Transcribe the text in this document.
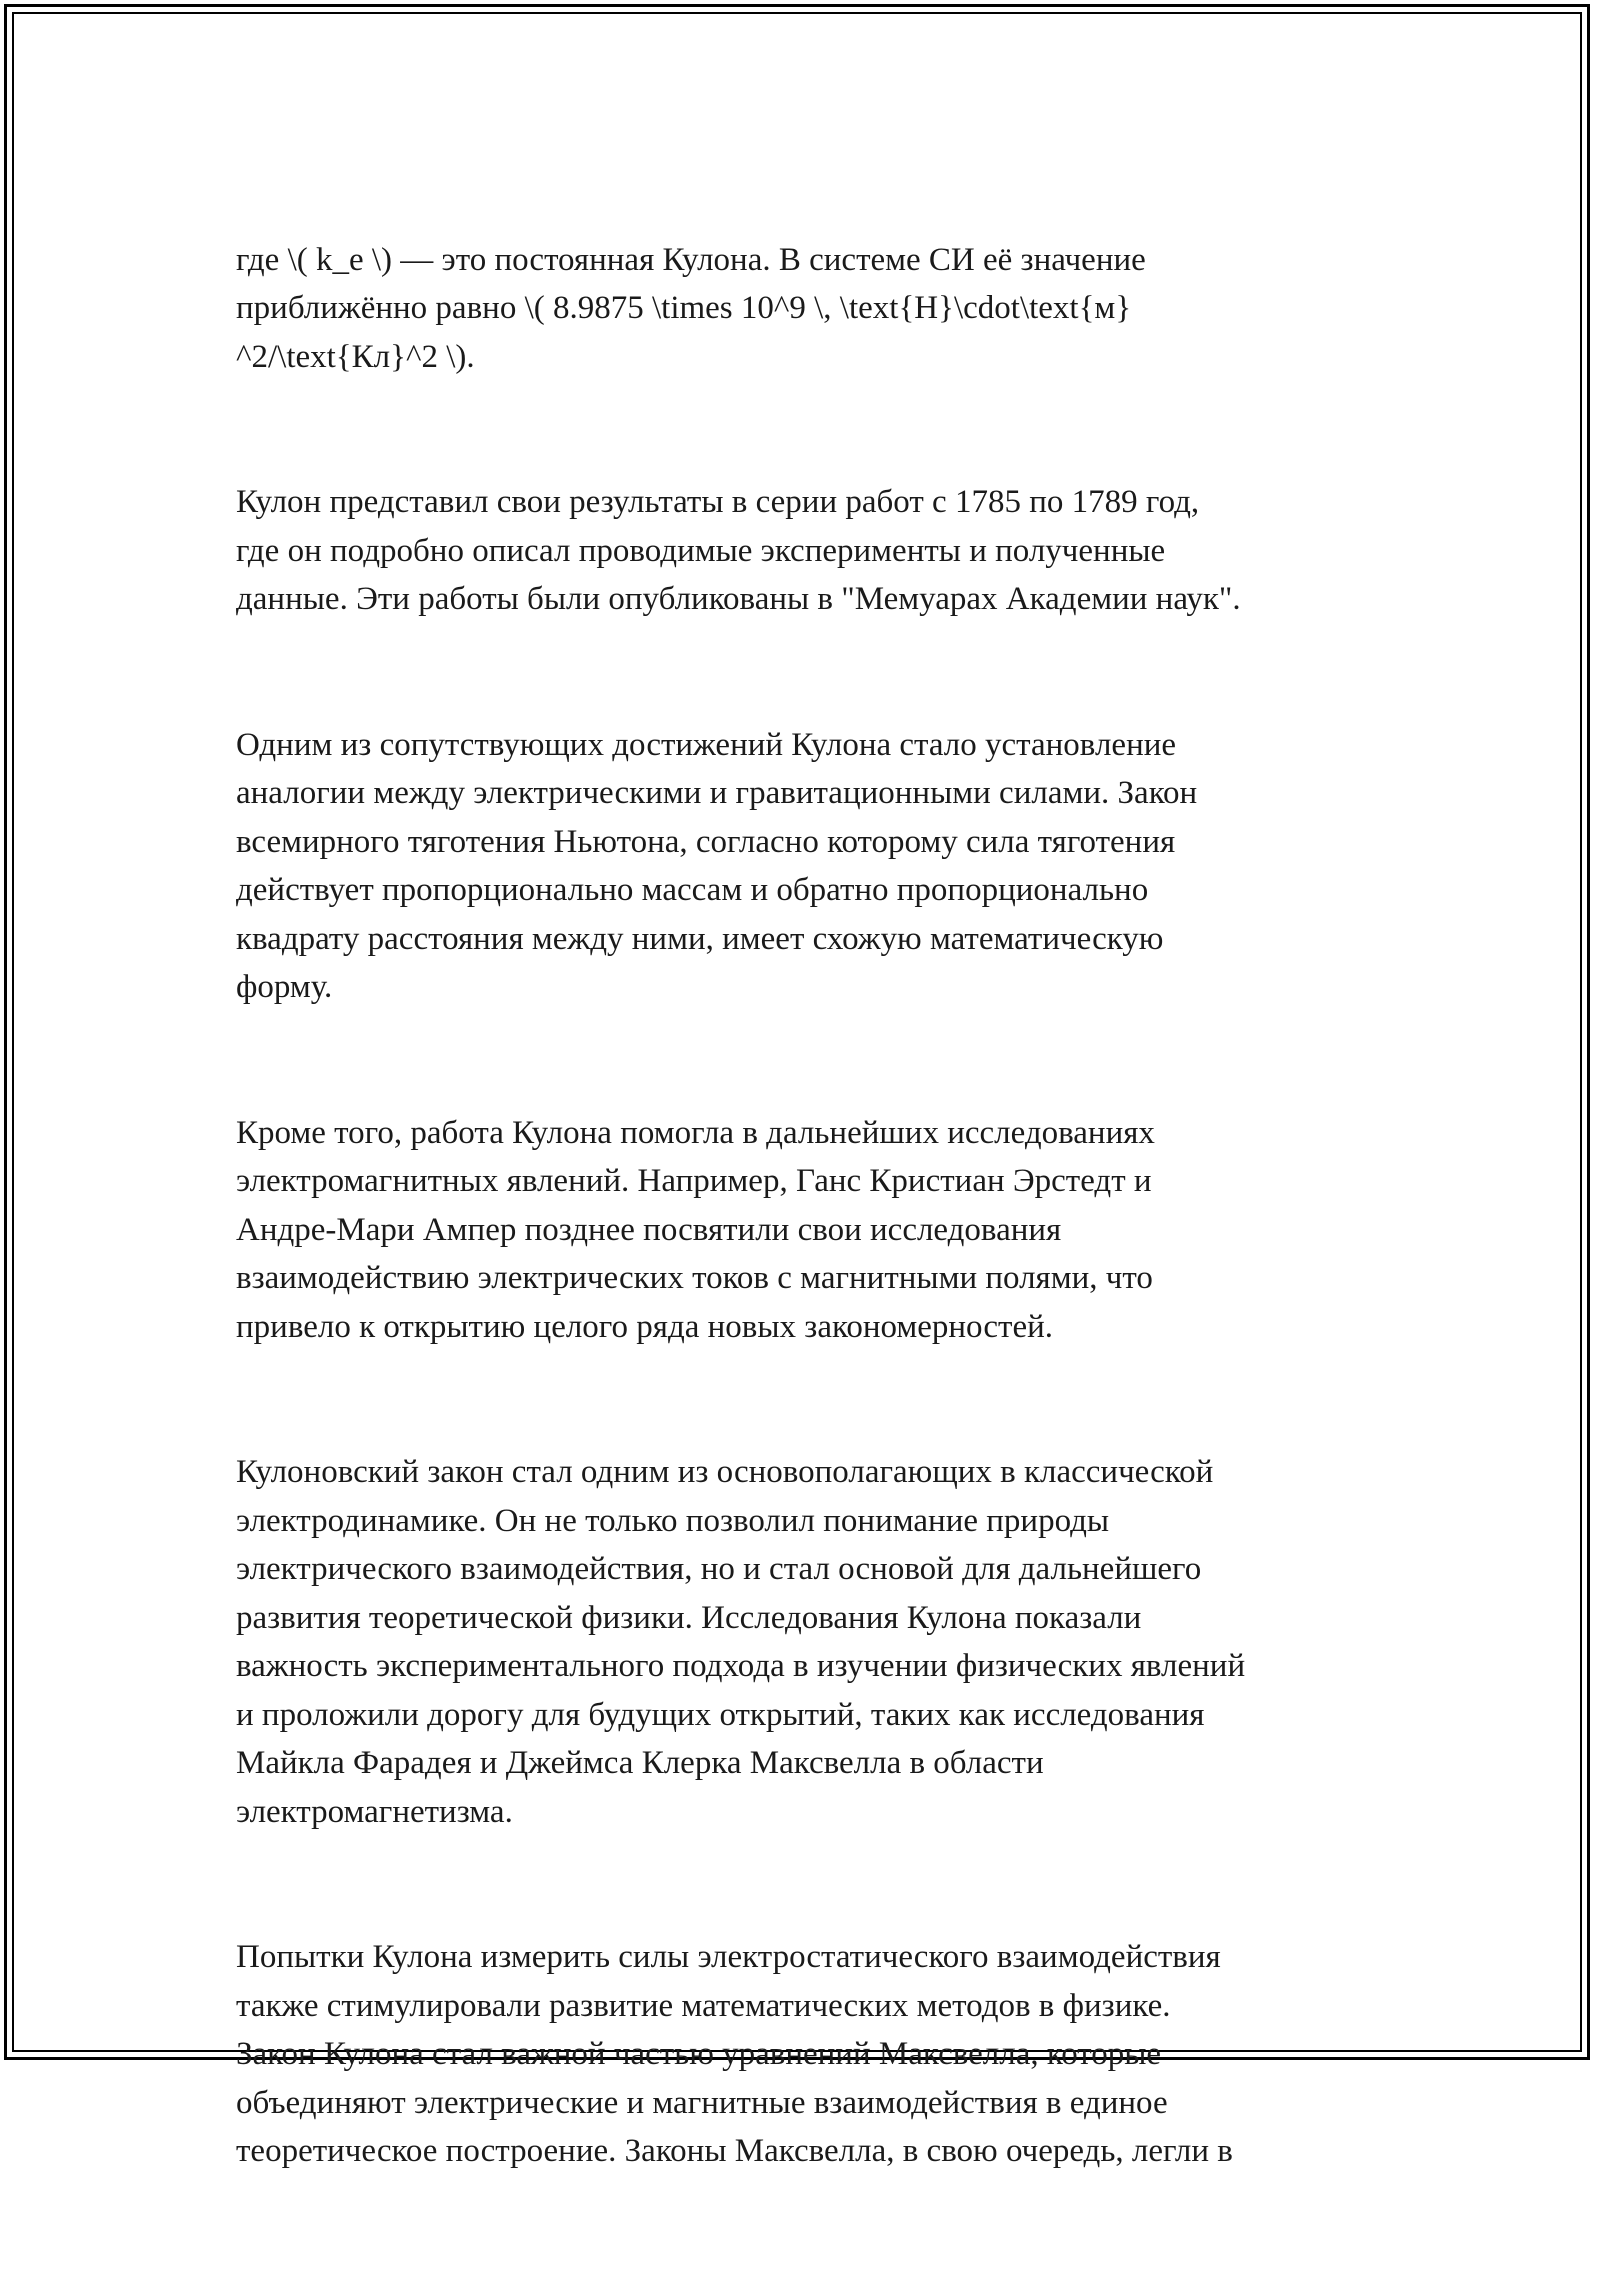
где \( k_e \) — это постоянная Кулона. В системе СИ её значение
приближённо равно \( 8.9875 \times 10^9 \, \text{Н}\cdot\text{м}
^2/\text{Кл}^2 \).

Кулон представил свои результаты в серии работ с 1785 по 1789 год,
где он подробно описал проводимые эксперименты и полученные
данные. Эти работы были опубликованы в "Мемуарах Академии наук".

Одним из сопутствующих достижений Кулона стало установление
аналогии между электрическими и гравитационными силами. Закон
всемирного тяготения Ньютона, согласно которому сила тяготения
действует пропорционально массам и обратно пропорционально
квадрату расстояния между ними, имеет схожую математическую
форму.

Кроме того, работа Кулона помогла в дальнейших исследованиях
электромагнитных явлений. Например, Ганс Кристиан Эрстедт и
Андре-Мари Ампер позднее посвятили свои исследования
взаимодействию электрических токов с магнитными полями, что
привело к открытию целого ряда новых закономерностей.

Кулоновский закон стал одним из основополагающих в классической
электродинамике. Он не только позволил понимание природы
электрического взаимодействия, но и стал основой для дальнейшего
развития теоретической физики. Исследования Кулона показали
важность экспериментального подхода в изучении физических явлений
и проложили дорогу для будущих открытий, таких как исследования
Майкла Фарадея и Джеймса Клерка Максвелла в области
электромагнетизма.

Попытки Кулона измерить силы электростатического взаимодействия
также стимулировали развитие математических методов в физике.
Закон Кулона стал важной частью уравнений Максвелла, которые
объединяют электрические и магнитные взаимодействия в единое
теоретическое построение. Законы Максвелла, в свою очередь, легли в
